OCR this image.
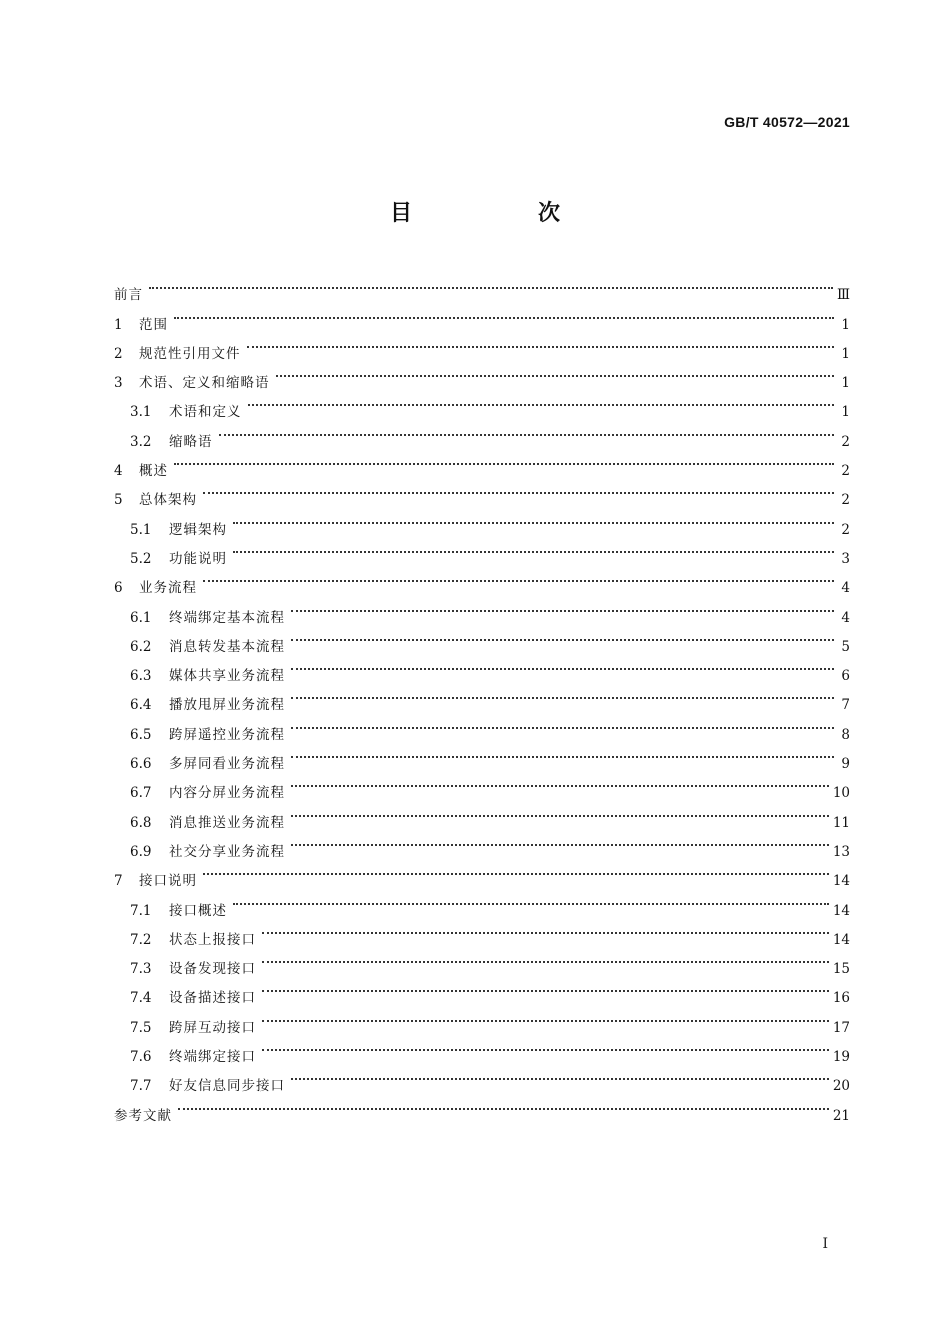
GB/T 40572—2021
目　次
前言	Ⅲ
1	范围	1
2	规范性引用文件	1
3	术语、定义和缩略语	1
3.1	术语和定义	1
3.2	缩略语	2
4	概述	2
5	总体架构	2
5.1	逻辑架构	2
5.2	功能说明	3
6	业务流程	4
6.1	终端绑定基本流程	4
6.2	消息转发基本流程	5
6.3	媒体共享业务流程	6
6.4	播放甩屏业务流程	7
6.5	跨屏遥控业务流程	8
6.6	多屏同看业务流程	9
6.7	内容分屏业务流程	10
6.8	消息推送业务流程	11
6.9	社交分享业务流程	13
7	接口说明	14
7.1	接口概述	14
7.2	状态上报接口	14
7.3	设备发现接口	15
7.4	设备描述接口	16
7.5	跨屏互动接口	17
7.6	终端绑定接口	19
7.7	好友信息同步接口	20
参考文献	21
I
